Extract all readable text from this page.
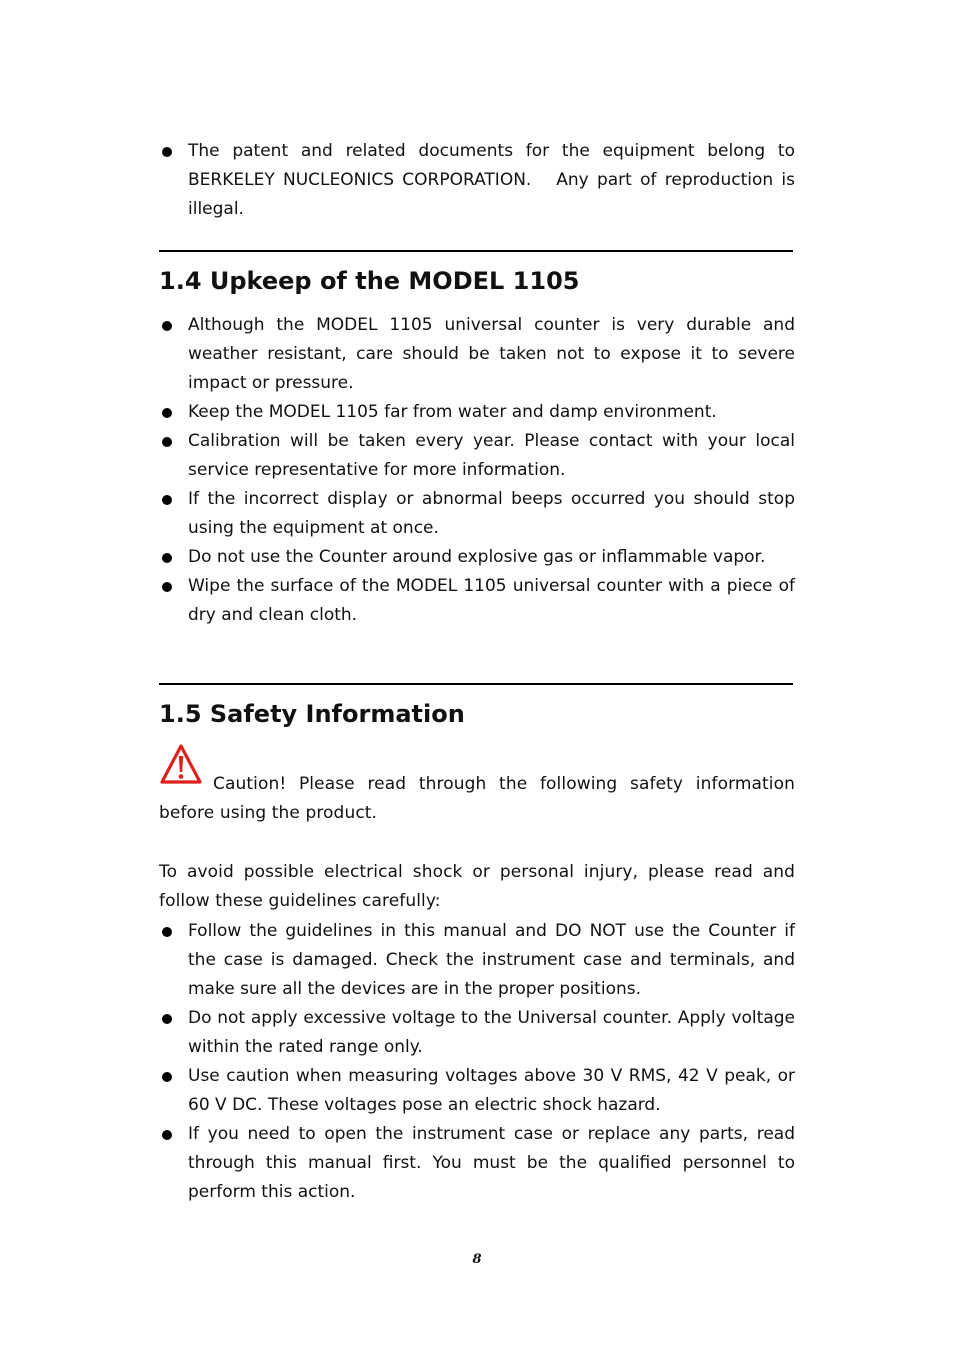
The patent and related documents for the equipment belong to BERKELEY NUCLEONICS CORPORATION.   Any part of reproduction is illegal.
1.4 Upkeep of the MODEL 1105
Although the MODEL 1105 universal counter is very durable and weather resistant, care should be taken not to expose it to severe impact or pressure.
Keep the MODEL 1105 far from water and damp environment.
Calibration will be taken every year. Please contact with your local service representative for more information.
If the incorrect display or abnormal beeps occurred you should stop using the equipment at once.
Do not use the Counter around explosive gas or inflammable vapor.
Wipe the surface of the MODEL 1105 universal counter with a piece of dry and clean cloth.
1.5 Safety Information
Caution! Please read through the following safety information before using the product.
To avoid possible electrical shock or personal injury, please read and follow these guidelines carefully:
Follow the guidelines in this manual and DO NOT use the Counter if the case is damaged. Check the instrument case and terminals, and make sure all the devices are in the proper positions.
Do not apply excessive voltage to the Universal counter. Apply voltage within the rated range only.
Use caution when measuring voltages above 30 V RMS, 42 V peak, or 60 V DC. These voltages pose an electric shock hazard.
If you need to open the instrument case or replace any parts, read through this manual first. You must be the qualified personnel to perform this action.
8
